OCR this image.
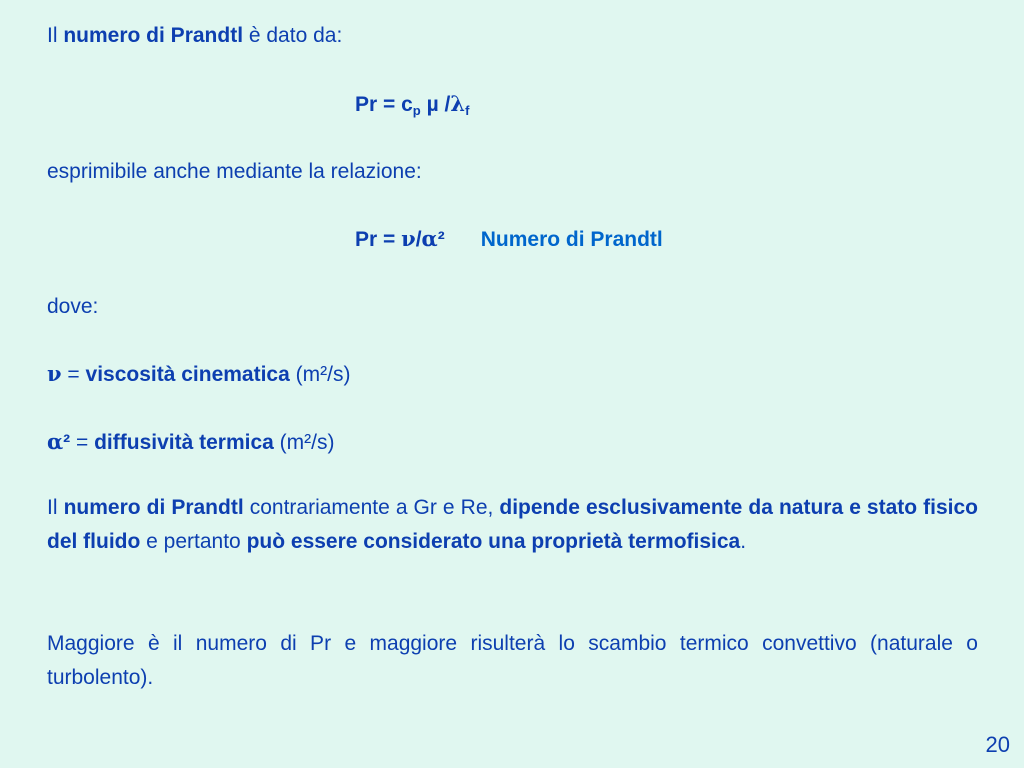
Il numero di Prandtl è dato da:
$Pr = c_p$ µ $/\lambda_f$
esprimibile anche mediante la relazione:
Pr = ν/α² Numero di Prandtl
dove:
ν = viscosità cinematica (m²/s)
α² = diffusività termica (m²/s)
Il numero di Prandtl contrariamente a Gr e Re, dipende esclusivamente da natura e stato fisico del fluido e pertanto può essere considerato una proprietà termofisica.
Maggiore è il numero di Pr e maggiore risulterà lo scambio termico convettivo (naturale o turbolento).
20
